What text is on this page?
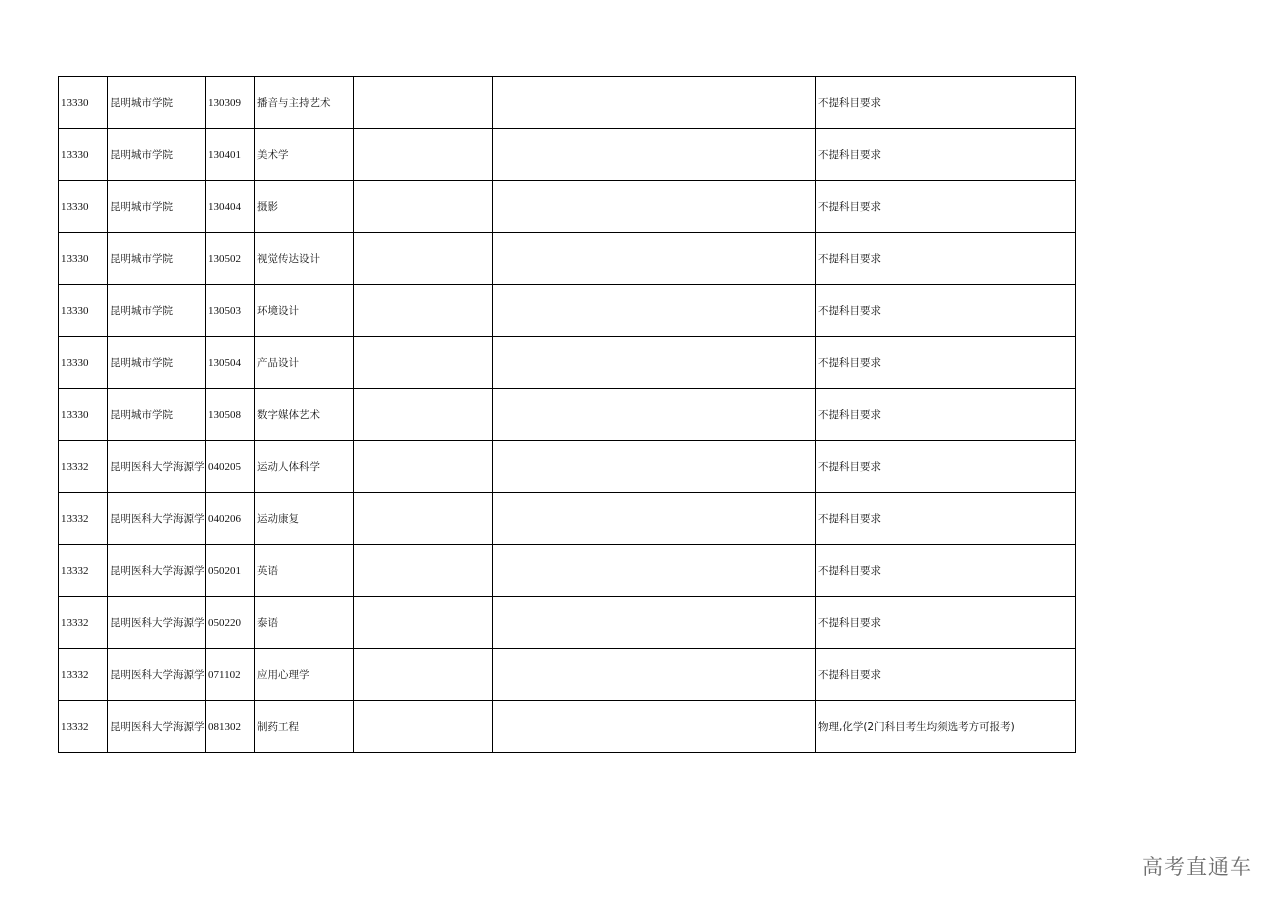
13330	昆明城市学院	130309	播音与主持艺术			不提科目要求
13330	昆明城市学院	130401	美术学			不提科目要求
13330	昆明城市学院	130404	摄影			不提科目要求
13330	昆明城市学院	130502	视觉传达设计			不提科目要求
13330	昆明城市学院	130503	环境设计			不提科目要求
13330	昆明城市学院	130504	产品设计			不提科目要求
13330	昆明城市学院	130508	数字媒体艺术			不提科目要求
13332	昆明医科大学海源学	040205	运动人体科学			不提科目要求
13332	昆明医科大学海源学	040206	运动康复			不提科目要求
13332	昆明医科大学海源学	050201	英语			不提科目要求
13332	昆明医科大学海源学	050220	泰语			不提科目要求
13332	昆明医科大学海源学	071102	应用心理学			不提科目要求
13332	昆明医科大学海源学	081302	制药工程			物理,化学(2门科目考生均须选考方可报考)
高考直通车
